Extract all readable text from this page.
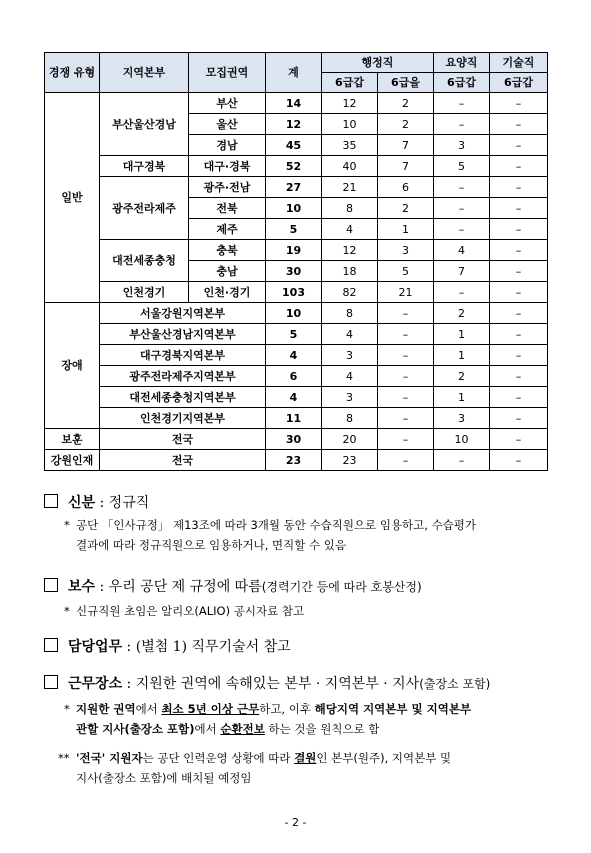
경쟁 유형	지역본부	모집권역	계	행정직		요양직	기술직
				6급갑	6급을	6급갑	6급갑
일반	부산울산경남	부산	14	12	2	–	–
		울산	12	10	2	–	–
		경남	45	35	7	3	–
	대구경북	대구·경북	52	40	7	5	–
	광주전라제주	광주·전남	27	21	6	–	–
		전북	10	8	2	–	–
		제주	5	4	1	–	–
	대전세종충청	충북	19	12	3	4	–
		충남	30	18	5	7	–
	인천경기	인천·경기	103	82	21	–	–
장애	서울강원지역본부		10	8	–	2	–
	부산울산경남지역본부		5	4	–	1	–
	대구경북지역본부		4	3	–	1	–
	광주전라제주지역본부		6	4	–	2	–
	대전세종충청지역본부		4	3	–	1	–
	인천경기지역본부		11	8	–	3	–
보훈	전국		30	20	–	10	–
강원인재	전국		23	23	–	–	–
신분 : 정규직
* 공단 「인사규정」 제13조에 따라 3개월 동안 수습직원으로 임용하고, 수습평가
결과에 따라 정규직원으로 임용하거나, 면직할 수 있음
보수 : 우리 공단 제 규정에 따름(경력기간 등에 따라 호봉산정)
* 신규직원 초임은 알리오(ALIO) 공시자료 참고
담당업무 : (별첨 1) 직무기술서 참고
근무장소 : 지원한 권역에 속해있는 본부 · 지역본부 · 지사(출장소 포함)
* 지원한 권역에서 최소 5년 이상 근무하고, 이후 해당지역 지역본부 및 지역본부
관할 지사(출장소 포함)에서 순환전보 하는 것을 원칙으로 함
** '전국' 지원자는 공단 인력운영 상황에 따라 결원인 본부(원주), 지역본부 및
지사(출장소 포함)에 배치될 예정임
- 2 -
